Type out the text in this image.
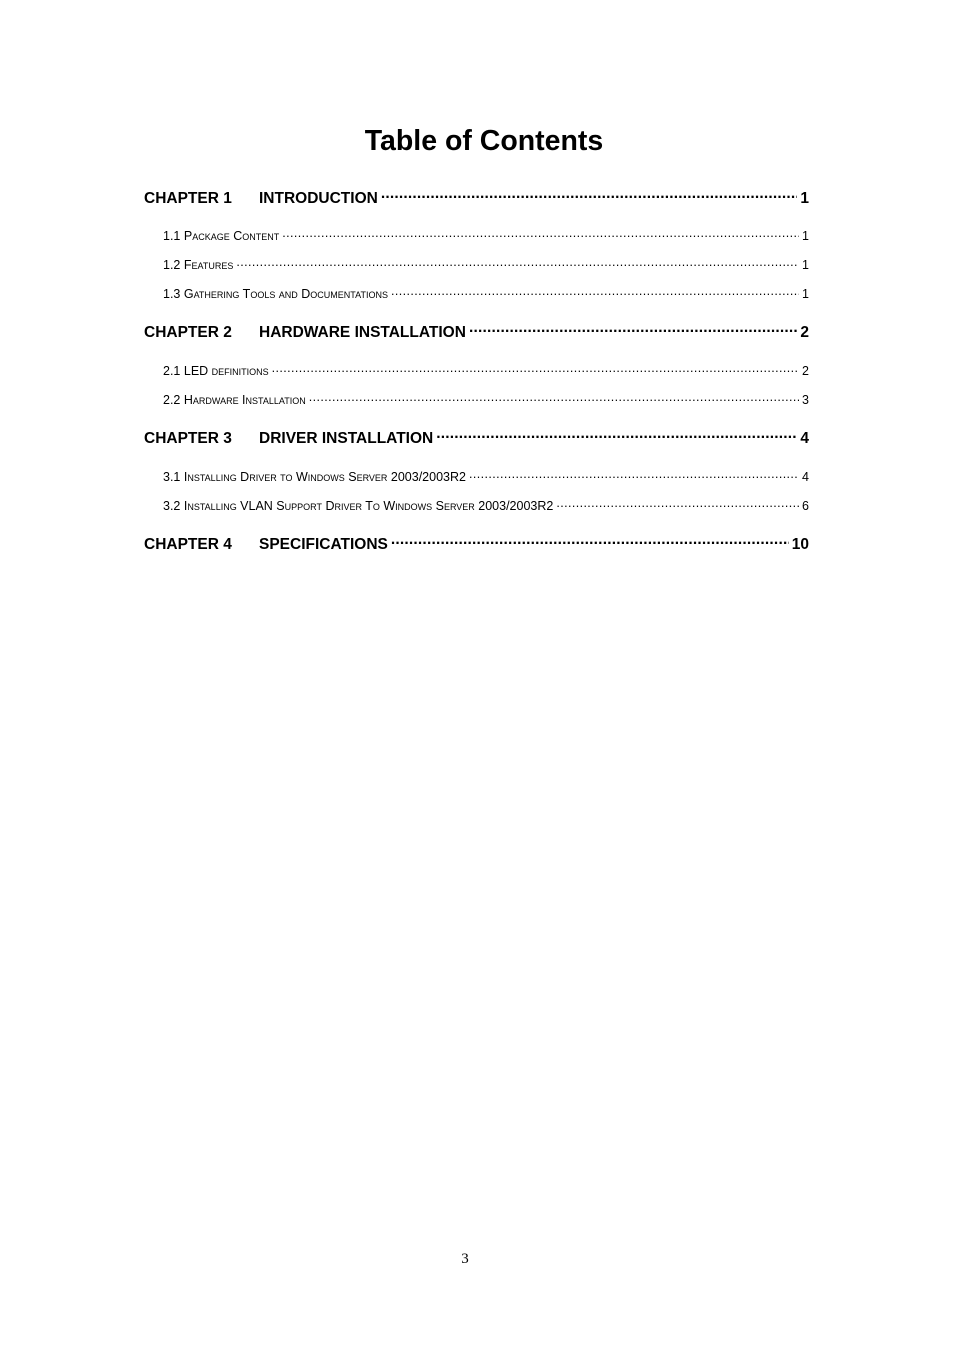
Table of Contents
CHAPTER 1	INTRODUCTION .....	1
1.1 Package Content .....	1
1.2 Features .....	1
1.3 Gathering Tools and Documentations .....	1
CHAPTER 2	HARDWARE INSTALLATION .....	2
2.1 LED definitions .....	2
2.2 Hardware Installation .....	3
CHAPTER 3	DRIVER INSTALLATION .....	4
3.1 Installing Driver to Windows Server 2003/2003R2 .....	4
3.2 Installing VLAN Support Driver To Windows Server 2003/2003R2 .....	6
CHAPTER 4	SPECIFICATIONS .....	10
3
